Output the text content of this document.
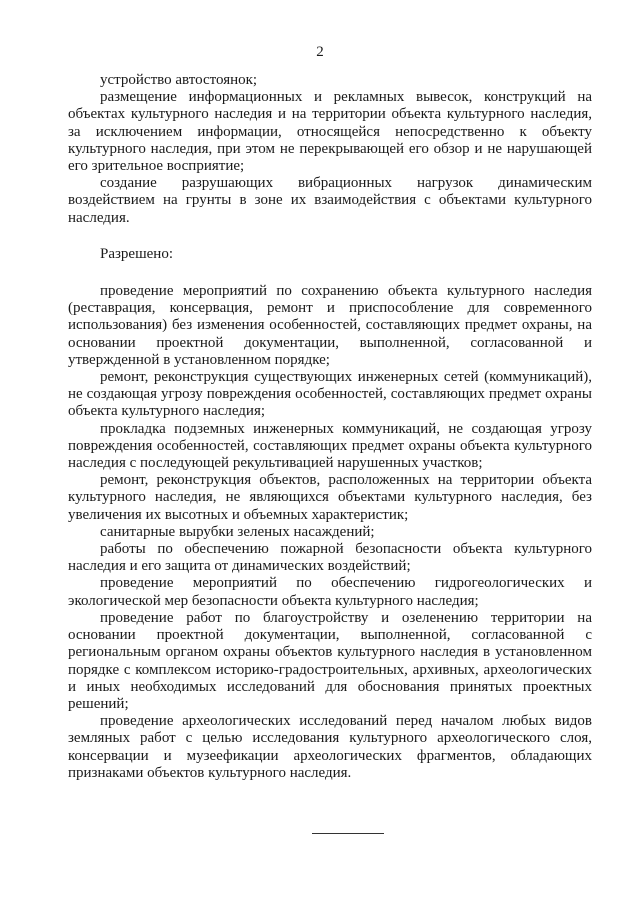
2

устройство автостоянок;

размещение информационных и рекламных вывесок, конструкций на объектах культурного наследия и на территории объекта культурного наследия, за исключением информации, относящейся непосредственно к объекту культурного наследия, при этом не перекрывающей его обзор и не нарушающей его зрительное восприятие;

создание разрушающих вибрационных нагрузок динамическим воздействием на грунты в зоне их взаимодействия с объектами культурного наследия.

Разрешено:

проведение мероприятий по сохранению объекта культурного наследия (реставрация, консервация, ремонт и приспособление для современного использования) без изменения особенностей, составляющих предмет охраны, на основании проектной документации, выполненной, согласованной и утвержденной в установленном порядке;

ремонт, реконструкция существующих инженерных сетей (коммуникаций), не создающая угрозу повреждения особенностей, составляющих предмет охраны объекта культурного наследия;

прокладка подземных инженерных коммуникаций, не создающая угрозу повреждения особенностей, составляющих предмет охраны объекта культурного наследия с последующей рекультивацией нарушенных участков;

ремонт, реконструкция объектов, расположенных на территории объекта культурного наследия, не являющихся объектами культурного наследия, без увеличения их высотных и объемных характеристик;

санитарные вырубки зеленых насаждений;

работы по обеспечению пожарной безопасности объекта культурного наследия и его защита от динамических воздействий;

проведение мероприятий по обеспечению гидрогеологических и экологической мер безопасности объекта культурного наследия;

проведение работ по благоустройству и озеленению территории на основании проектной документации, выполненной, согласованной с региональным органом охраны объектов культурного наследия в установленном порядке с комплексом историко-градостроительных, архивных, археологических и иных необходимых исследований для обоснования принятых проектных решений;

проведение археологических исследований перед началом любых видов земляных работ с целью исследования культурного археологического слоя, консервации и музеефикации археологических фрагментов, обладающих признаками объектов культурного наследия.
